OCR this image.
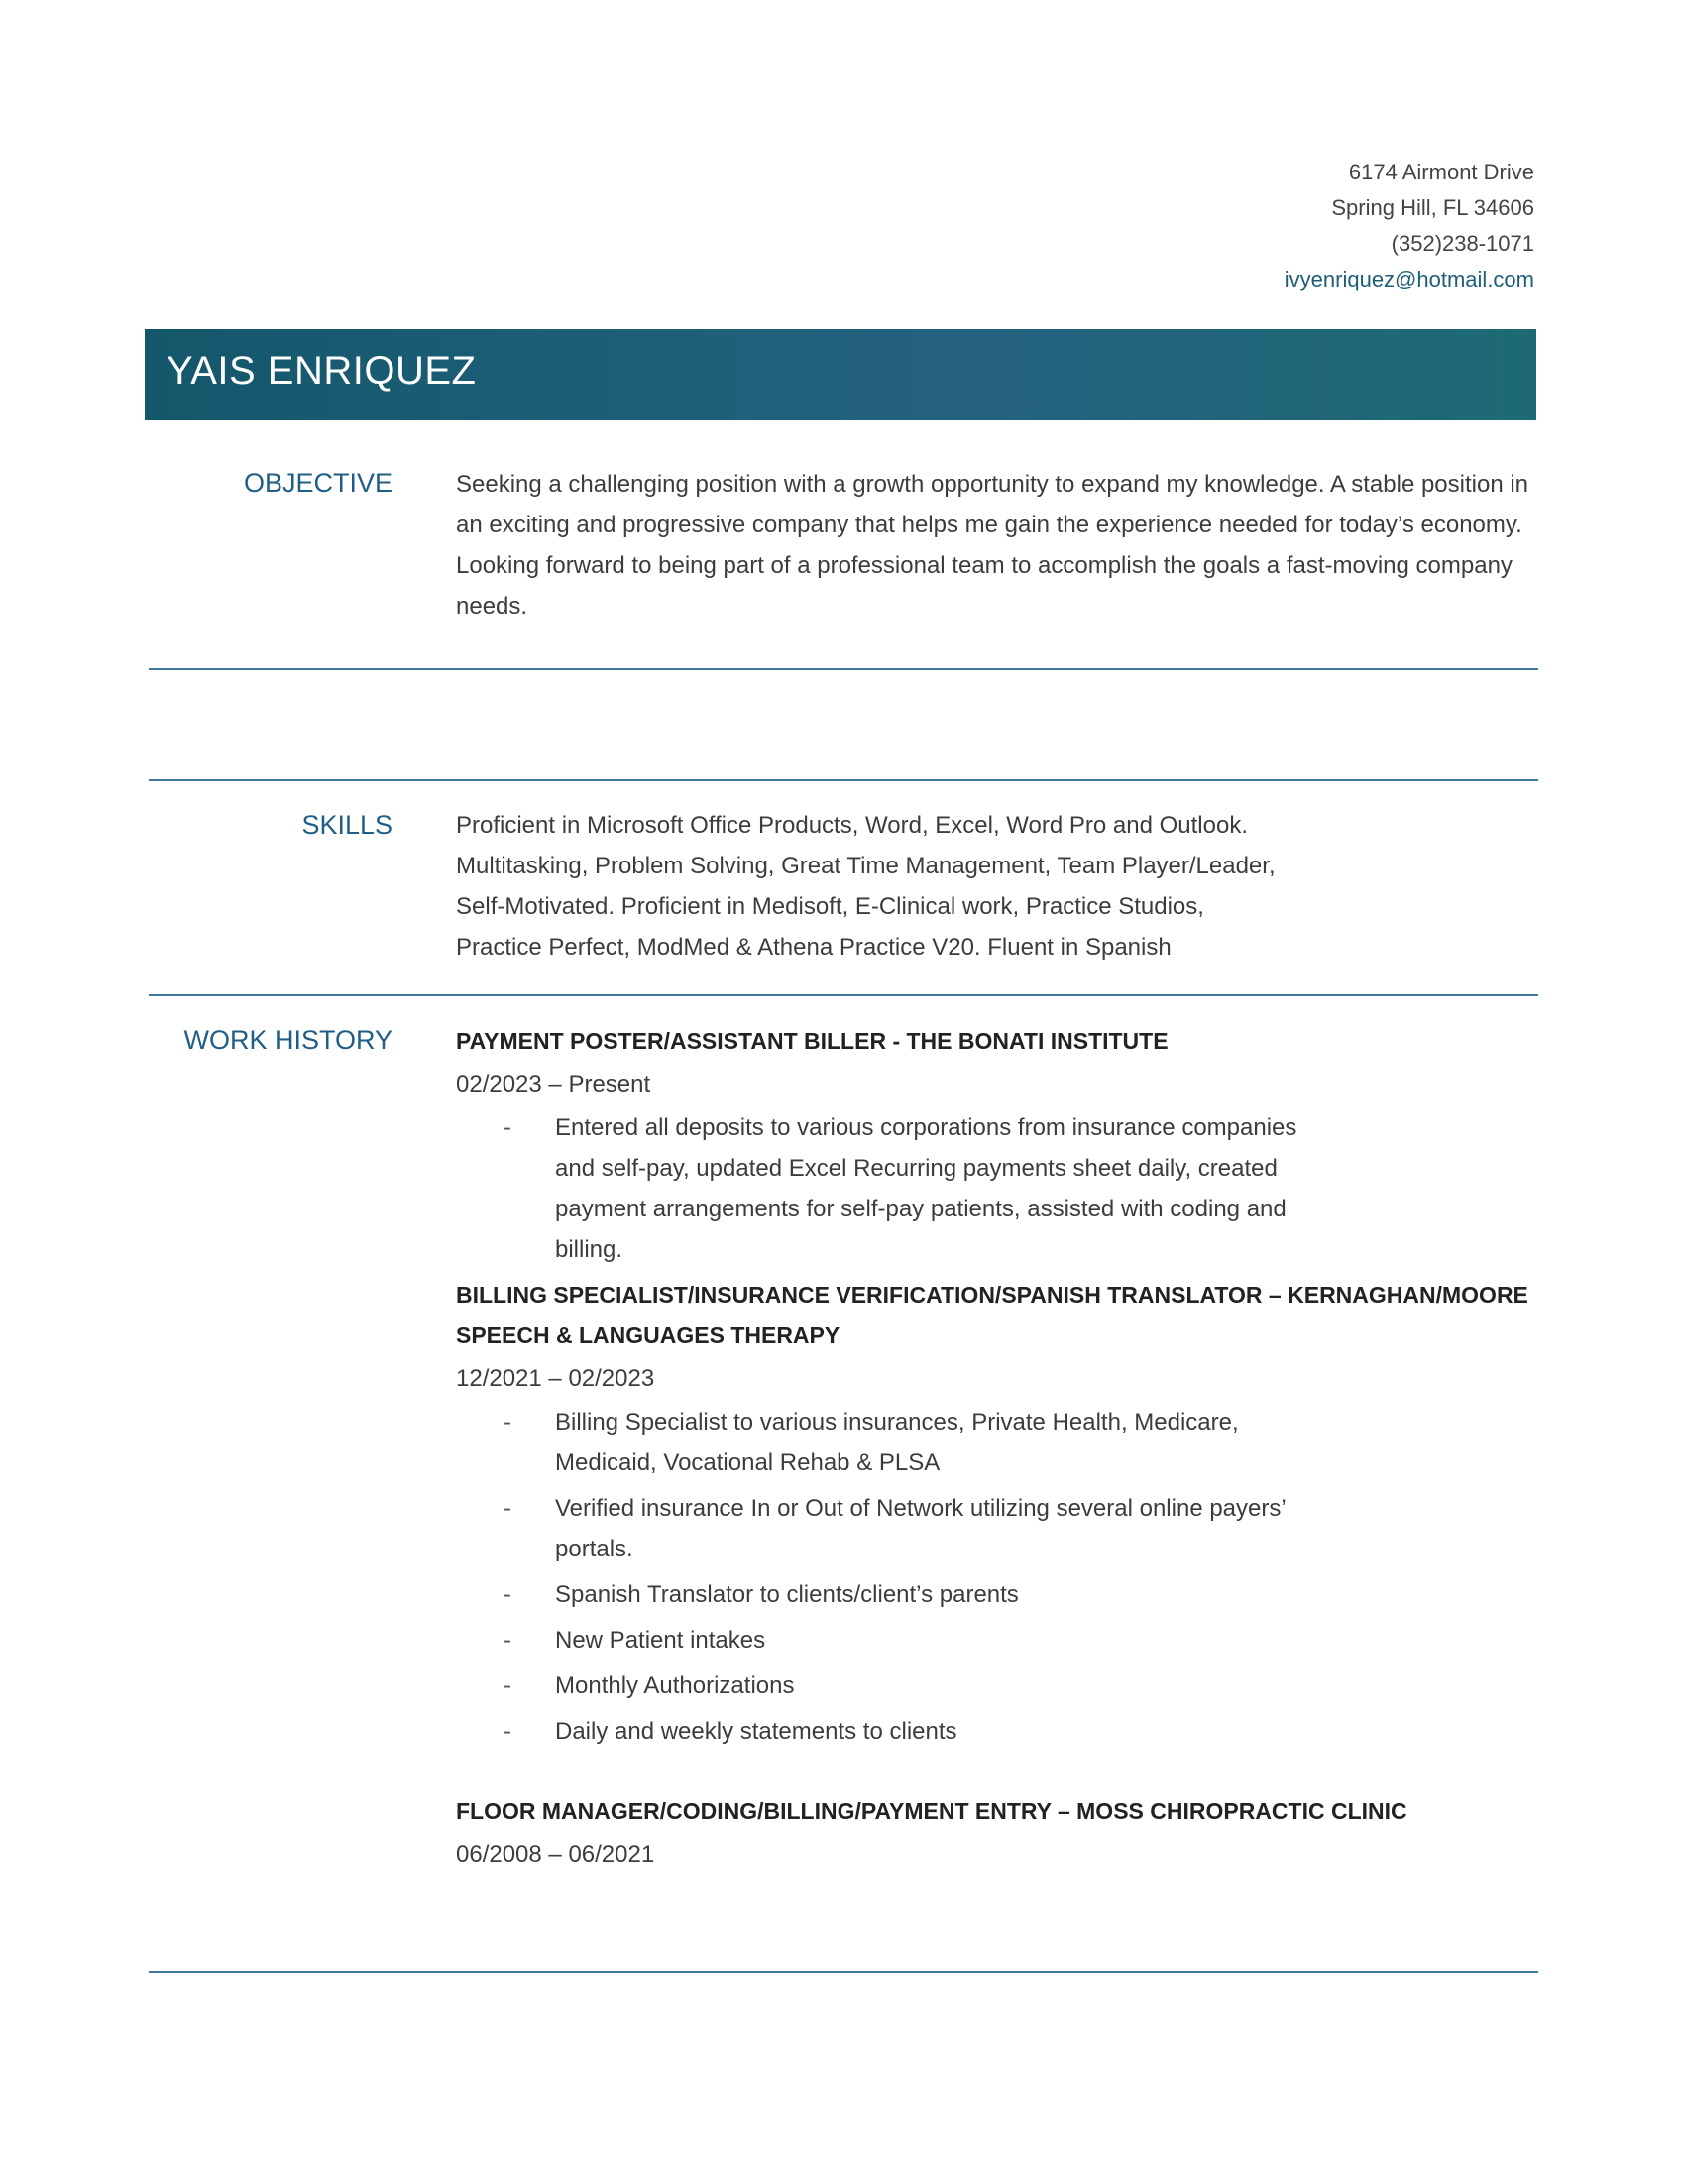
6174 Airmont Drive
Spring Hill, FL 34606
(352)238-1071
ivyenriquez@hotmail.com
YAIS ENRIQUEZ
OBJECTIVE	Seeking a challenging position with a growth opportunity to expand my knowledge. A stable position in an exciting and progressive company that helps me gain the experience needed for today’s economy. Looking forward to being part of a professional team to accomplish the goals a fast-moving company needs.
SKILLS	Proficient in Microsoft Office Products, Word, Excel, Word Pro and Outlook.
Multitasking, Problem Solving, Great Time Management, Team Player/Leader,
Self-Motivated. Proficient in Medisoft, E-Clinical work, Practice Studios,
Practice Perfect, ModMed & Athena Practice V20. Fluent in Spanish
WORK HISTORY	PAYMENT POSTER/ASSISTANT BILLER - THE BONATI INSTITUTE
02/2023 – Present
- Entered all deposits to various corporations from insurance companies and self-pay, updated Excel Recurring payments sheet daily, created payment arrangements for self-pay patients, assisted with coding and billing.
BILLING SPECIALIST/INSURANCE VERIFICATION/SPANISH TRANSLATOR – KERNAGHAN/MOORE SPEECH & LANGUAGES THERAPY
12/2021 – 02/2023
- Billing Specialist to various insurances, Private Health, Medicare, Medicaid, Vocational Rehab & PLSA
- Verified insurance In or Out of Network utilizing several online payers’ portals.
- Spanish Translator to clients/client’s parents
- New Patient intakes
- Monthly Authorizations
- Daily and weekly statements to clients
FLOOR MANAGER/CODING/BILLING/PAYMENT ENTRY – MOSS CHIROPRACTIC CLINIC
06/2008 – 06/2021
